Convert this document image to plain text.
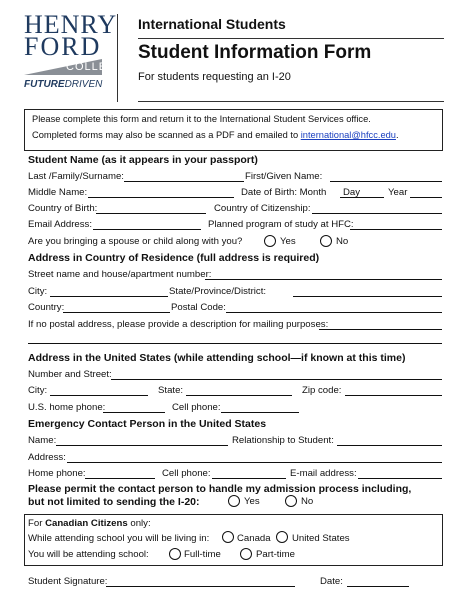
HENRY
FORD
COLLEGE
FUTUREDRIVEN
International Students
Student Information Form
For students requesting an I-20
Please complete this form and return it to the International Student Services office.
Completed forms may also be scanned as a PDF and emailed to international@hfcc.edu.
Student Name (as it appears in your passport)
Last /Family/Surname:	First/Given Name:
Middle Name:	Date of Birth: Month Day	Year
Country of Birth:	Country of Citizenship:
Email Address:	Planned program of study at HFC:
Are you bringing a spouse or child along with you?	Yes	No
Address in Country of Residence (full address is required)
Street name and house/apartment number:
City:	State/Province/District:
Country:	Postal Code:
If no postal address, please provide a description for mailing purposes:
Address in the United States (while attending school—if known at this time)
Number and Street:
City:	State:	Zip code:
U.S. home phone:	Cell phone:
Emergency Contact Person in the United States
Name:	Relationship to Student:
Address:
Home phone:	Cell phone:	E-mail address:
Please permit the contact person to handle my admission process including,
but not limited to sending the I-20:	Yes	No
For Canadian Citizens only:
While attending school you will be living in:	Canada United States
You will be attending school:	Full-time	Part-time
Student Signature:	Date:
